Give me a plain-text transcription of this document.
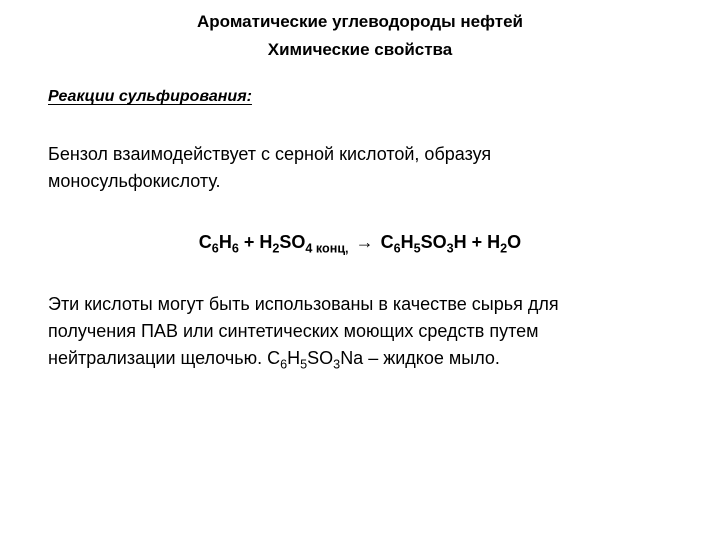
Ароматические углеводороды нефтей
Химические свойства
Реакции сульфирования:
Бензол взаимодействует с серной кислотой, образуя
моносульфокислоту.
$C_6H_6 + H_2SO_{4 конц,} \to C_6H_5SO_3H + H_2O$
Эти кислоты могут быть использованы в качестве сырья для
получения ПАВ или синтетических моющих средств путем
нейтрализации щелочью. $C_6H_5SO_3Na$ – жидкое мыло.
